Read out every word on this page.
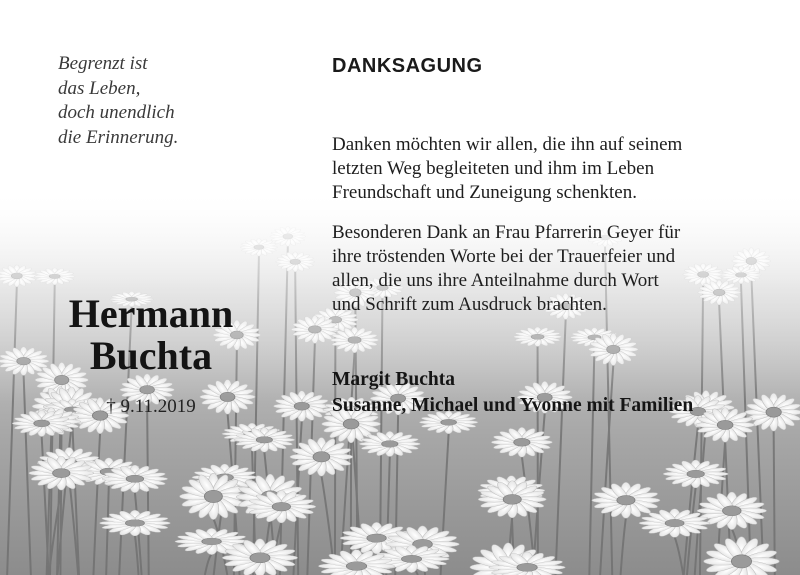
Begrenzt ist
das Leben,
doch unendlich
die Erinnerung.
Hermann
Buchta
† 9.11.2019
DANKSAGUNG
Danken möchten wir allen, die ihn auf seinem
letzten Weg begleiteten und ihm im Leben
Freundschaft und Zuneigung schenkten.
Besonderen Dank an Frau Pfarrerin Geyer für
ihre tröstenden Worte bei der Trauerfeier und
allen, die uns ihre Anteilnahme durch Wort
und Schrift zum Ausdruck brachten.
Margit Buchta
Susanne, Michael und Yvonne mit Familien
